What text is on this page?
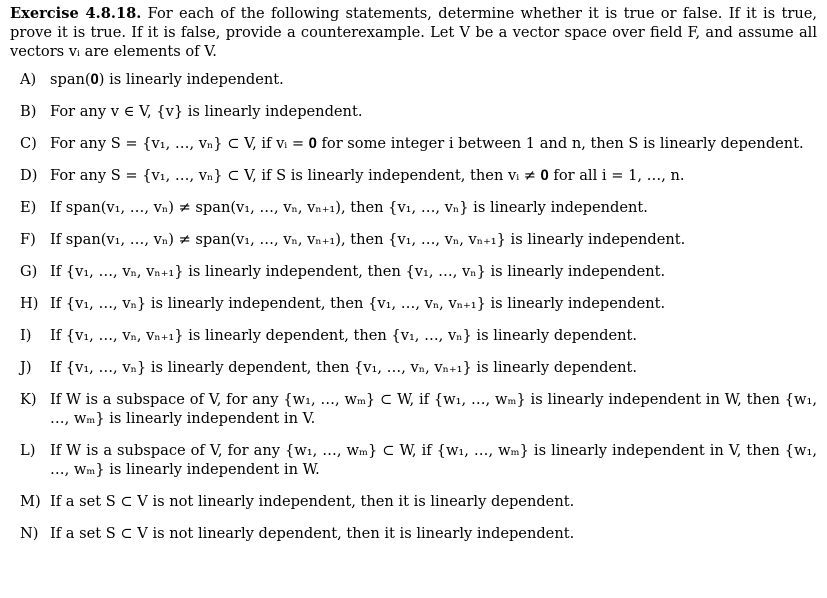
Exercise 4.8.18. For each of the following statements, determine whether it is true or false. If it is true, prove it is true. If it is false, provide a counterexample. Let V be a vector space over field F, and assume all vectors vᵢ are elements of V.

A) span(𝟎) is linearly independent.
B) For any v ∈ V, {v} is linearly independent.
C) For any S = {v₁, …, vₙ} ⊂ V, if vᵢ = 𝟎 for some integer i between 1 and n, then S is linearly dependent.
D) For any S = {v₁, …, vₙ} ⊂ V, if S is linearly independent, then vᵢ ≠ 𝟎 for all i = 1, …, n.
E) If span(v₁, …, vₙ) ≠ span(v₁, …, vₙ, vₙ₊₁), then {v₁, …, vₙ} is linearly independent.
F) If span(v₁, …, vₙ) ≠ span(v₁, …, vₙ, vₙ₊₁), then {v₁, …, vₙ, vₙ₊₁} is linearly independent.
G) If {v₁, …, vₙ, vₙ₊₁} is linearly independent, then {v₁, …, vₙ} is linearly independent.
H) If {v₁, …, vₙ} is linearly independent, then {v₁, …, vₙ, vₙ₊₁} is linearly independent.
I) If {v₁, …, vₙ, vₙ₊₁} is linearly dependent, then {v₁, …, vₙ} is linearly dependent.
J) If {v₁, …, vₙ} is linearly dependent, then {v₁, …, vₙ, vₙ₊₁} is linearly dependent.
K) If W is a subspace of V, for any {w₁, …, wₘ} ⊂ W, if {w₁, …, wₘ} is linearly independent in W, then {w₁, …, wₘ} is linearly independent in V.
L) If W is a subspace of V, for any {w₁, …, wₘ} ⊂ W, if {w₁, …, wₘ} is linearly independent in V, then {w₁, …, wₘ} is linearly independent in W.
M) If a set S ⊂ V is not linearly independent, then it is linearly dependent.
N) If a set S ⊂ V is not linearly dependent, then it is linearly independent.
